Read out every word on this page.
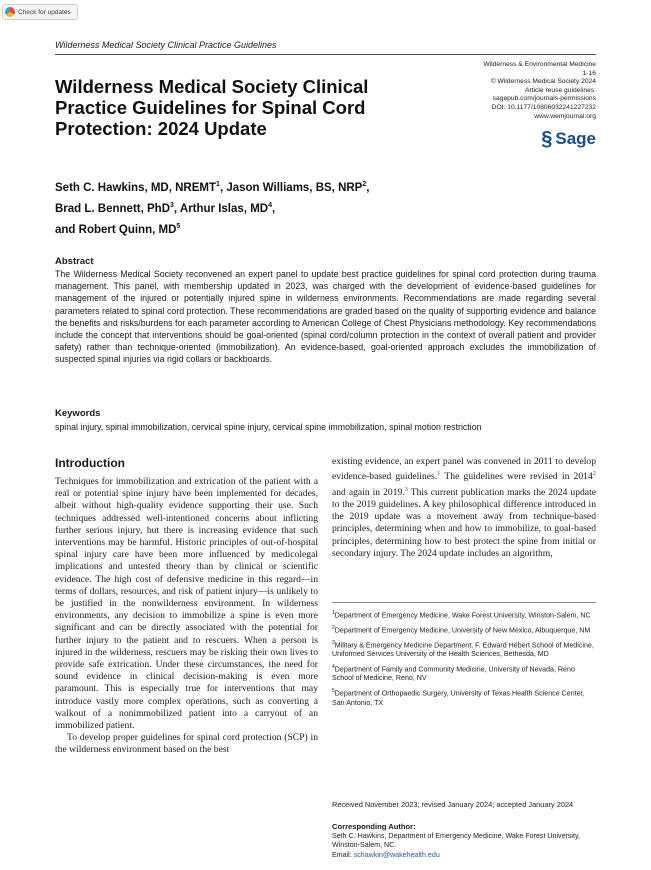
Check for updates
Wilderness Medical Society Clinical Practice Guidelines
Wilderness Medical Society Clinical Practice Guidelines for Spinal Cord Protection: 2024 Update
Wilderness & Environmental Medicine
1-16
© Wilderness Medical Society 2024
Article reuse guidelines:
sagepub.com/journals-permissions
DOI: 10.1177/10806032241227232
www.wemjournal.org
§ Sage
Seth C. Hawkins, MD, NREMT$^1$, Jason Williams, BS, NRP$^2$,
Brad L. Bennett, PhD$^3$, Arthur Islas, $MD^4$,
and Robert Quinn, $MD^5$
Abstract

The Wilderness Medical Society reconvened an expert panel to update best practice guidelines for spinal cord protection during trauma management. This panel, with membership updated in 2023, was charged with the development of evidence-based guidelines for management of the injured or potentially injured spine in wilderness environments. Recommendations are made regarding several parameters related to spinal cord protection. These recommendations are graded based on the quality of supporting evidence and balance the benefits and risks/burdens for each parameter according to American College of Chest Physicians methodology. Key recommendations include the concept that interventions should be goal-oriented (spinal cord/column protection in the context of overall patient and provider safety) rather than technique-oriented (immobilization). An evidence-based, goal-oriented approach excludes the immobilization of suspected spinal injuries via rigid collars or backboards.

Keywords

spinal injury, spinal immobilization, cervical spine injury, cervical spine immobilization, spinal motion restriction

Introduction

Techniques for immobilization and extrication of the patient with a real or potential spine injury have been implemented for decades, albeit without high-quality evidence supporting their use. Such techniques addressed well-intentioned concerns about inflicting further serious injury, but there is increasing evidence that such interventions may be harmful. Historic principles of out-of-hospital spinal injury care have been more influenced by medicolegal implications and untested theory than by clinical or scientific evidence. The high cost of defensive medicine in this regard—in terms of dollars, resources, and risk of patient injury—is unlikely to be justified in the nonwilderness environment. In wilderness environments, any decision to immobilize a spine is even more significant and can be directly associated with the potential for further injury to the patient and to rescuers. When a person is injured in the wilderness, rescuers may be risking their own lives to provide safe extrication. Under these circumstances, the need for sound evidence in clinical decision-making is even more paramount. This is especially true for interventions that may introduce vastly more complex operations, such as converting a walkout of a nonimmobilized patient into a carryout of an immobilized patient.

To develop proper guidelines for spinal cord protection (SCP) in the wilderness environment based on the best

existing evidence, an expert panel was convened in 2011 to develop evidence-based guidelines.$^1$ The guidelines were revised in 2014$^2$ and again in 2019.$^3$ This current publication marks the 2024 update to the 2019 guidelines. A key philosophical difference introduced in the 2019 update was a movement away from technique-based principles, determining when and how to immobilize, to goal-based principles, determining how to best protect the spine from initial or secondary injury. The 2024 update includes an algorithm,

$^1$Department of Emergency Medicine, Wake Forest University, Winston-Salem, NC
$^2$Department of Emergency Medicine, University of New Mexico, Albuquerque, NM
$^3$Military & Emergency Medicine Department, F. Edward Hébert School of Medicine, Uniformed Services University of the Health Sciences, Bethesda, MD
$^4$Department of Family and Community Medicine, University of Nevada, Reno School of Medicine, Reno, NV
$^5$Department of Orthopaedic Surgery, University of Texas Health Science Center, San Antonio, TX
Received November 2023; revised January 2024; accepted January 2024
Corresponding Author:
Seth C. Hawkins, Department of Emergency Medicine, Wake Forest University, Winston-Salem, NC.
Email: schawkin@wakehealth.edu
